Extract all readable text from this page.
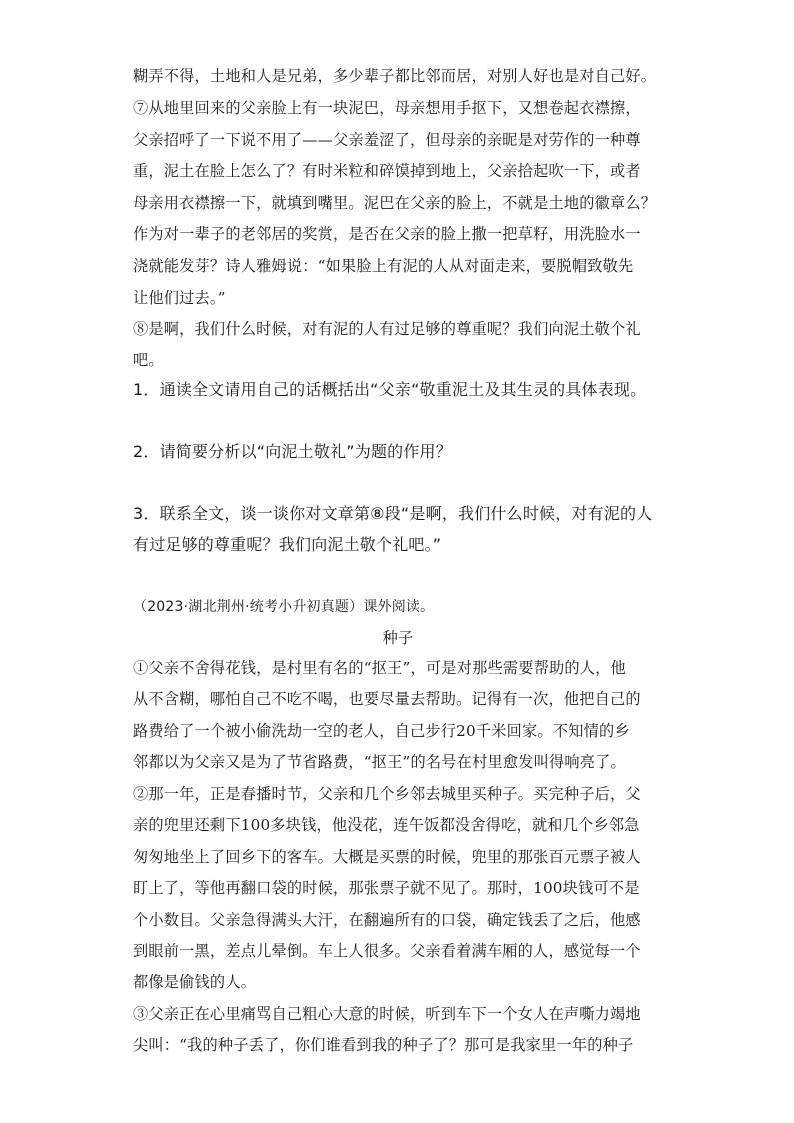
糊弄不得，土地和人是兄弟，多少辈子都比邻而居，对别人好也是对自己好。
⑦从地里回来的父亲脸上有一块泥巴，母亲想用手抠下，又想卷起衣襟擦，
父亲招呼了一下说不用了——父亲羞涩了，但母亲的亲昵是对劳作的一种尊
重，泥土在脸上怎么了？有时米粒和碎馍掉到地上，父亲拾起吹一下，或者
母亲用衣襟擦一下，就填到嘴里。泥巴在父亲的脸上，不就是土地的徽章么？
作为对一辈子的老邻居的奖赏，是否在父亲的脸上撒一把草籽，用洗脸水一
浇就能发芽？诗人雅姆说：“如果脸上有泥的人从对面走来，要脱帽致敬先
让他们过去。”
⑧是啊，我们什么时候，对有泥的人有过足够的尊重呢？我们向泥土敬个礼
吧。
1．通读全文请用自己的话概括出“父亲“敬重泥土及其生灵的具体表现。
2．请简要分析以“向泥土敬礼”为题的作用？
3．联系全文，谈一谈你对文章第⑧段“是啊，我们什么时候，对有泥的人
有过足够的尊重呢？我们向泥土敬个礼吧。”
（2023·湖北荆州·统考小升初真题）课外阅读。
种子
①父亲不舍得花钱，是村里有名的“抠王”，可是对那些需要帮助的人，他
从不含糊，哪怕自己不吃不喝，也要尽量去帮助。记得有一次，他把自己的
路费给了一个被小偷洗劫一空的老人，自己步行20千米回家。不知情的乡
邻都以为父亲又是为了节省路费，“抠王”的名号在村里愈发叫得响亮了。
②那一年，正是春播时节，父亲和几个乡邻去城里买种子。买完种子后，父
亲的兜里还剩下100多块钱，他没花，连午饭都没舍得吃，就和几个乡邻急
匆匆地坐上了回乡下的客车。大概是买票的时候，兜里的那张百元票子被人
盯上了，等他再翻口袋的时候，那张票子就不见了。那时，100块钱可不是
个小数目。父亲急得满头大汗，在翻遍所有的口袋，确定钱丢了之后，他感
到眼前一黑，差点儿晕倒。车上人很多。父亲看着满车厢的人，感觉每一个
都像是偷钱的人。
③父亲正在心里痛骂自己粗心大意的时候，听到车下一个女人在声嘶力竭地
尖叫：“我的种子丢了，你们谁看到我的种子了？那可是我家里一年的种子
